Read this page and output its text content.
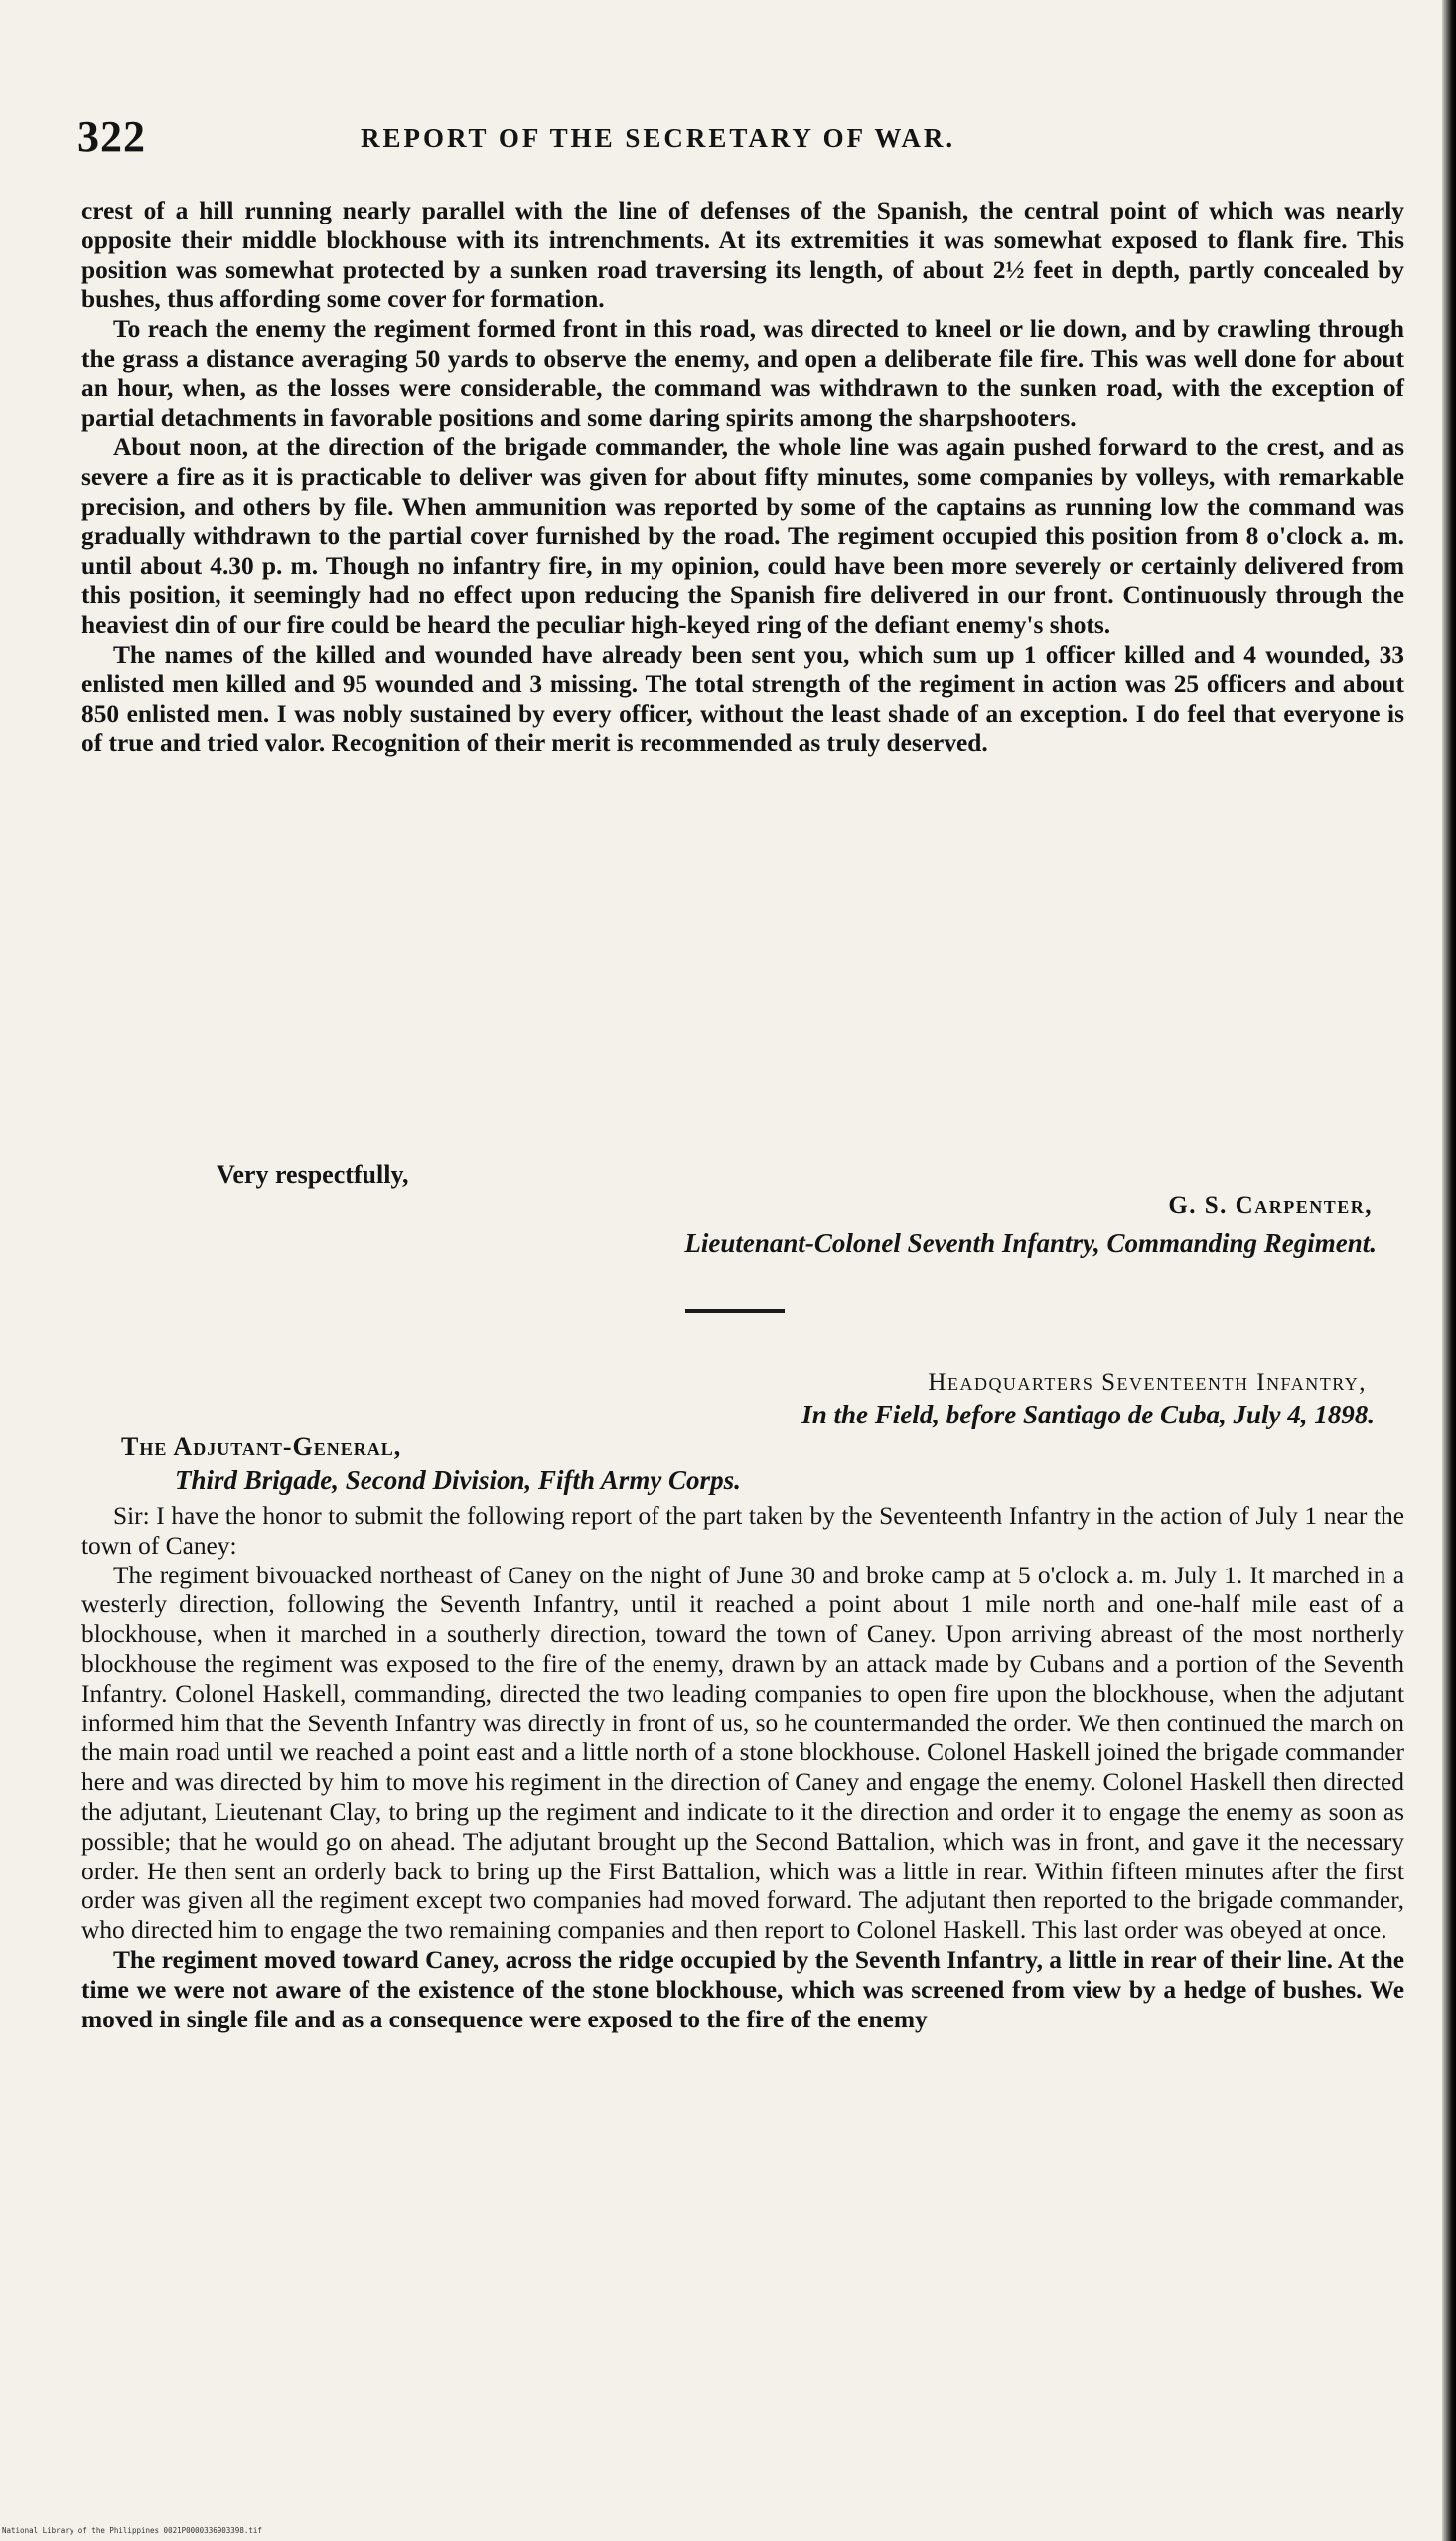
322	REPORT OF THE SECRETARY OF WAR.

crest of a hill running nearly parallel with the line of defenses of the Spanish, the central point of which was nearly opposite their middle blockhouse with its intrenchments. At its extremities it was somewhat exposed to flank fire. This position was somewhat protected by a sunken road traversing its length, of about 2½ feet in depth, partly concealed by bushes, thus affording some cover for formation.

To reach the enemy the regiment formed front in this road, was directed to kneel or lie down, and by crawling through the grass a distance averaging 50 yards to observe the enemy, and open a deliberate file fire. This was well done for about an hour, when, as the losses were considerable, the command was withdrawn to the sunken road, with the exception of partial detachments in favorable positions and some daring spirits among the sharpshooters.

About noon, at the direction of the brigade commander, the whole line was again pushed forward to the crest, and as severe a fire as it is practicable to deliver was given for about fifty minutes, some companies by volleys, with remarkable precision, and others by file. When ammunition was reported by some of the captains as running low the command was gradually withdrawn to the partial cover furnished by the road. The regiment occupied this position from 8 o'clock a. m. until about 4.30 p. m. Though no infantry fire, in my opinion, could have been more severely or certainly delivered from this position, it seemingly had no effect upon reducing the Spanish fire delivered in our front. Continuously through the heaviest din of our fire could be heard the peculiar high-keyed ring of the defiant enemy's shots.

The names of the killed and wounded have already been sent you, which sum up 1 officer killed and 4 wounded, 33 enlisted men killed and 95 wounded and 3 missing. The total strength of the regiment in action was 25 officers and about 850 enlisted men. I was nobly sustained by every officer, without the least shade of an exception. I do feel that everyone is of true and tried valor. Recognition of their merit is recommended as truly deserved.

Very respectfully,
G. S. Carpenter,
Lieutenant-Colonel Seventh Infantry, Commanding Regiment.
Headquarters Seventeenth Infantry,
In the Field, before Santiago de Cuba, July 4, 1898.
The Adjutant-General,
Third Brigade, Second Division, Fifth Army Corps.

Sir: I have the honor to submit the following report of the part taken by the Seventeenth Infantry in the action of July 1 near the town of Caney:

The regiment bivouacked northeast of Caney on the night of June 30 and broke camp at 5 o'clock a. m. July 1. It marched in a westerly direction, following the Seventh Infantry, until it reached a point about 1 mile north and one-half mile east of a blockhouse, when it marched in a southerly direction, toward the town of Caney. Upon arriving abreast of the most northerly blockhouse the regiment was exposed to the fire of the enemy, drawn by an attack made by Cubans and a portion of the Seventh Infantry. Colonel Haskell, commanding, directed the two leading companies to open fire upon the blockhouse, when the adjutant informed him that the Seventh Infantry was directly in front of us, so he countermanded the order. We then continued the march on the main road until we reached a point east and a little north of a stone blockhouse. Colonel Haskell joined the brigade commander here and was directed by him to move his regiment in the direction of Caney and engage the enemy. Colonel Haskell then directed the adjutant, Lieutenant Clay, to bring up the regiment and indicate to it the direction and order it to engage the enemy as soon as possible; that he would go on ahead. The adjutant brought up the Second Battalion, which was in front, and gave it the necessary order. He then sent an orderly back to bring up the First Battalion, which was a little in rear. Within fifteen minutes after the first order was given all the regiment except two companies had moved forward. The adjutant then reported to the brigade commander, who directed him to engage the two remaining companies and then report to Colonel Haskell. This last order was obeyed at once.

The regiment moved toward Caney, across the ridge occupied by the Seventh Infantry, a little in rear of their line. At the time we were not aware of the existence of the stone blockhouse, which was screened from view by a hedge of bushes. We moved in single file and as a consequence were exposed to the fire of the enemy

National Library of the Philippines 0021P0000336903398.tif
